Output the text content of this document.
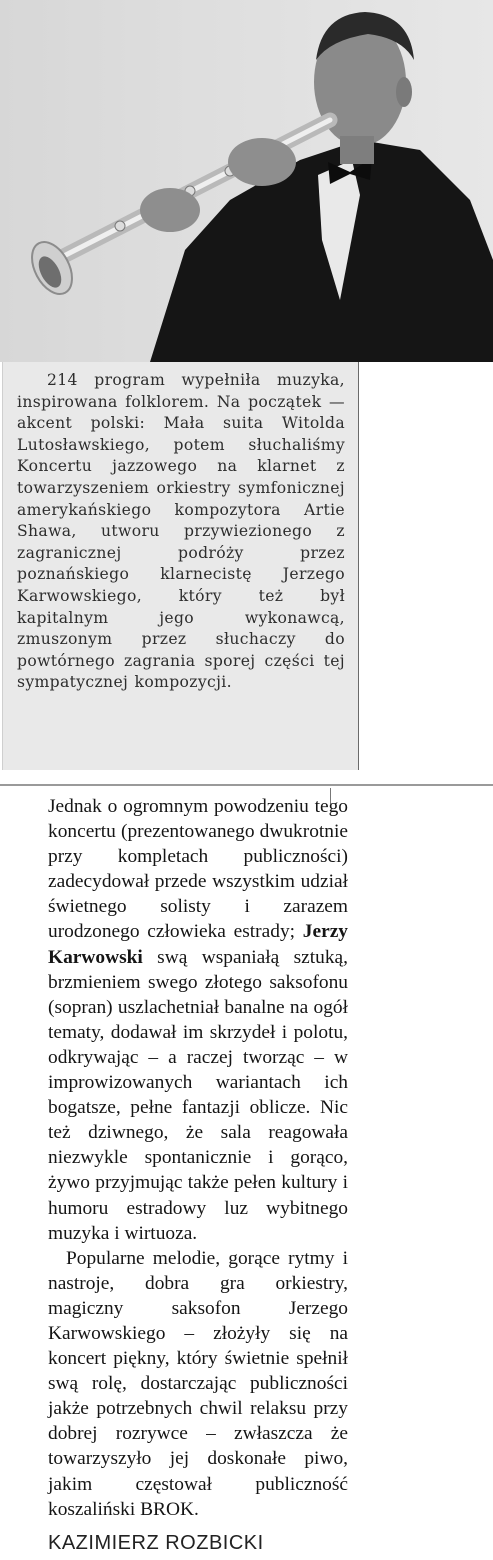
214 program wypełniła muzyka, inspirowana folklorem. Na początek — akcent polski: Mała suita Witolda Lutosławskiego, potem słuchaliśmy Koncertu jazzowego na klarnet z towarzyszeniem orkiestry symfonicznej amerykańskiego kompozytora Artie Shawa, utworu przywiezionego z zagranicznej podróży przez poznańskiego klarnecistę Jerzego Karwowskiego, który też był kapitalnym jego wykonawcą, zmuszonym przez słuchaczy do powtórnego zagrania sporej części tej sympatycznej kompozycji.

Jednak o ogromnym powodzeniu tego koncertu (prezentowanego dwukrotnie przy kompletach publiczności) zadecydował przede wszystkim udział świetnego solisty i zarazem urodzonego człowieka estrady; Jerzy Karwowski swą wspaniałą sztuką, brzmieniem swego złotego saksofonu (sopran) uszlachetniał banalne na ogół tematy, dodawał im skrzydeł i polotu, odkrywając – a raczej tworząc – w improwizowanych wariantach ich bogatsze, pełne fantazji oblicze. Nic też dziwnego, że sala reagowała niezwykle spontanicznie i gorąco, żywo przyjmując także pełen kultury i humoru estradowy luz wybitnego muzyka i wirtuoza.

Popularne melodie, gorące rytmy i nastroje, dobra gra orkiestry, magiczny saksofon Jerzego Karwowskiego – złożyły się na koncert piękny, który świetnie spełnił swą rolę, dostarczając publiczności jakże potrzebnych chwil relaksu przy dobrej rozrywce – zwłaszcza że towarzyszyło jej doskonałe piwo, jakim częstował publiczność koszaliński BROK.

KAZIMIERZ ROZBICKI
